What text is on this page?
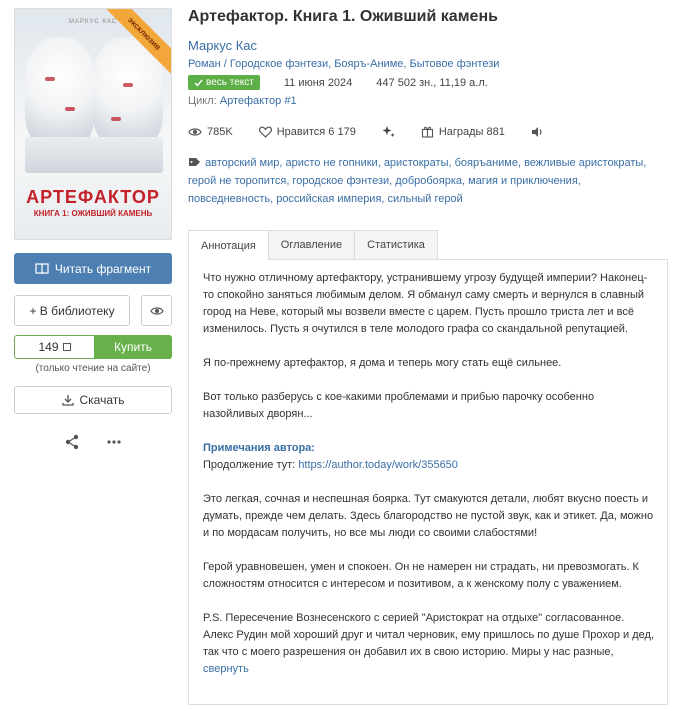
МАРКУС КАС	эксклюзив
АРТЕФАКТОР
КНИГА 1: ОЖИВШИЙ КАМЕНЬ
Читать фрагмент
+ В библиотеку
149	Купить
(только чтение на сайте)
Скачать
Артефактор. Книга 1. Оживший камень
Маркус Кас
Роман / Городское фэнтези, Бояръ-Аниме, Бытовое фэнтези
весь текст	11 июня 2024 447 502 зн., 11,19 а.л.
Цикл: Артефактор #1
785K	Нравится 6 179	Награды 881
авторский мир, аристо не гопники, аристократы, бояръаниме, вежливые аристократы, герой не торопится, городское фэнтези, добробоярка, магия и приключения, повседневность, российская империя, сильный герой
Аннотация	Оглавление	Статистика

Что нужно отличному артефактору, устранившему угрозу будущей империи? Наконец-то спокойно заняться любимым делом. Я обманул саму смерть и вернулся в славный город на Неве, который мы возвели вместе с царем. Пусть прошло триста лет и всё изменилось. Пусть я очутился в теле молодого графа со скандальной репутацией.

Я по-прежнему артефактор, я дома и теперь могу стать ещё сильнее.

Вот только разберусь с кое-какими проблемами и прибью парочку особенно назойливых дворян...

Примечания автора:
Продолжение тут: https://author.today/work/355650

Это легкая, сочная и неспешная боярка. Тут смакуются детали, любят вкусно поесть и думать, прежде чем делать. Здесь благородство не пустой звук, как и этикет. Да, можно и по мордасам получить, но все мы люди со своими слабостями!

Герой уравновешен, умен и спокоен. Он не намерен ни страдать, ни превозмогать. К сложностям относится с интересом и позитивом, а к женскому полу с уважением.

P.S. Пересечение Вознесенского с серией "Аристократ на отдыхе" согласованное. Алекс Рудин мой хороший друг и читал черновик, ему пришлось по душе Прохор и дед, так что с моего разрешения он добавил их в свою историю. Миры у нас разные,
свернуть
